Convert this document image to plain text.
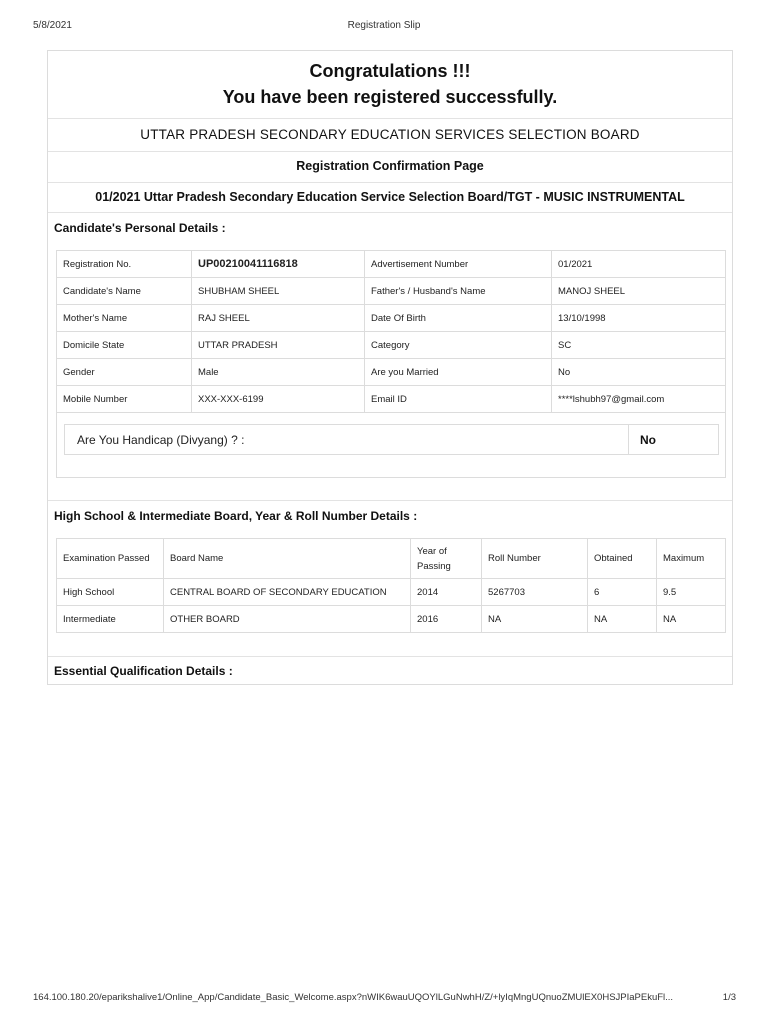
5/8/2021	Registration Slip
Congratulations !!!
You have been registered successfully.
UTTAR PRADESH SECONDARY EDUCATION SERVICES SELECTION BOARD
Registration Confirmation Page
01/2021 Uttar Pradesh Secondary Education Service Selection Board/TGT - MUSIC INSTRUMENTAL
Candidate's Personal Details :
Registration No.	UP00210041116818	Advertisement Number	01/2021
Candidate's Name	SHUBHAM SHEEL	Father's / Husband's Name	MANOJ SHEEL
Mother's Name	RAJ SHEEL	Date Of Birth	13/10/1998
Domicile State	UTTAR PRADESH	Category	SC
Gender	Male	Are you Married	No
Mobile Number	XXX-XXX-6199	Email ID	****lshubh97@gmail.com
Are You Handicap (Divyang) ? :	No
High School & Intermediate Board, Year & Roll Number Details :
Examination Passed	Board Name	Year of Passing	Roll Number	Obtained	Maximum
High School	CENTRAL BOARD OF SECONDARY EDUCATION	2014	5267703	6	9.5
Intermediate	OTHER BOARD	2016	NA	NA	NA
Essential Qualification Details :
164.100.180.20/eparikshalive1/Online_App/Candidate_Basic_Welcome.aspx?nWIK6wauUQOYlLGuNwhH/Z/+lyIqMngUQnuoZMUlEX0HSJPIaPEkuFl...	1/3
